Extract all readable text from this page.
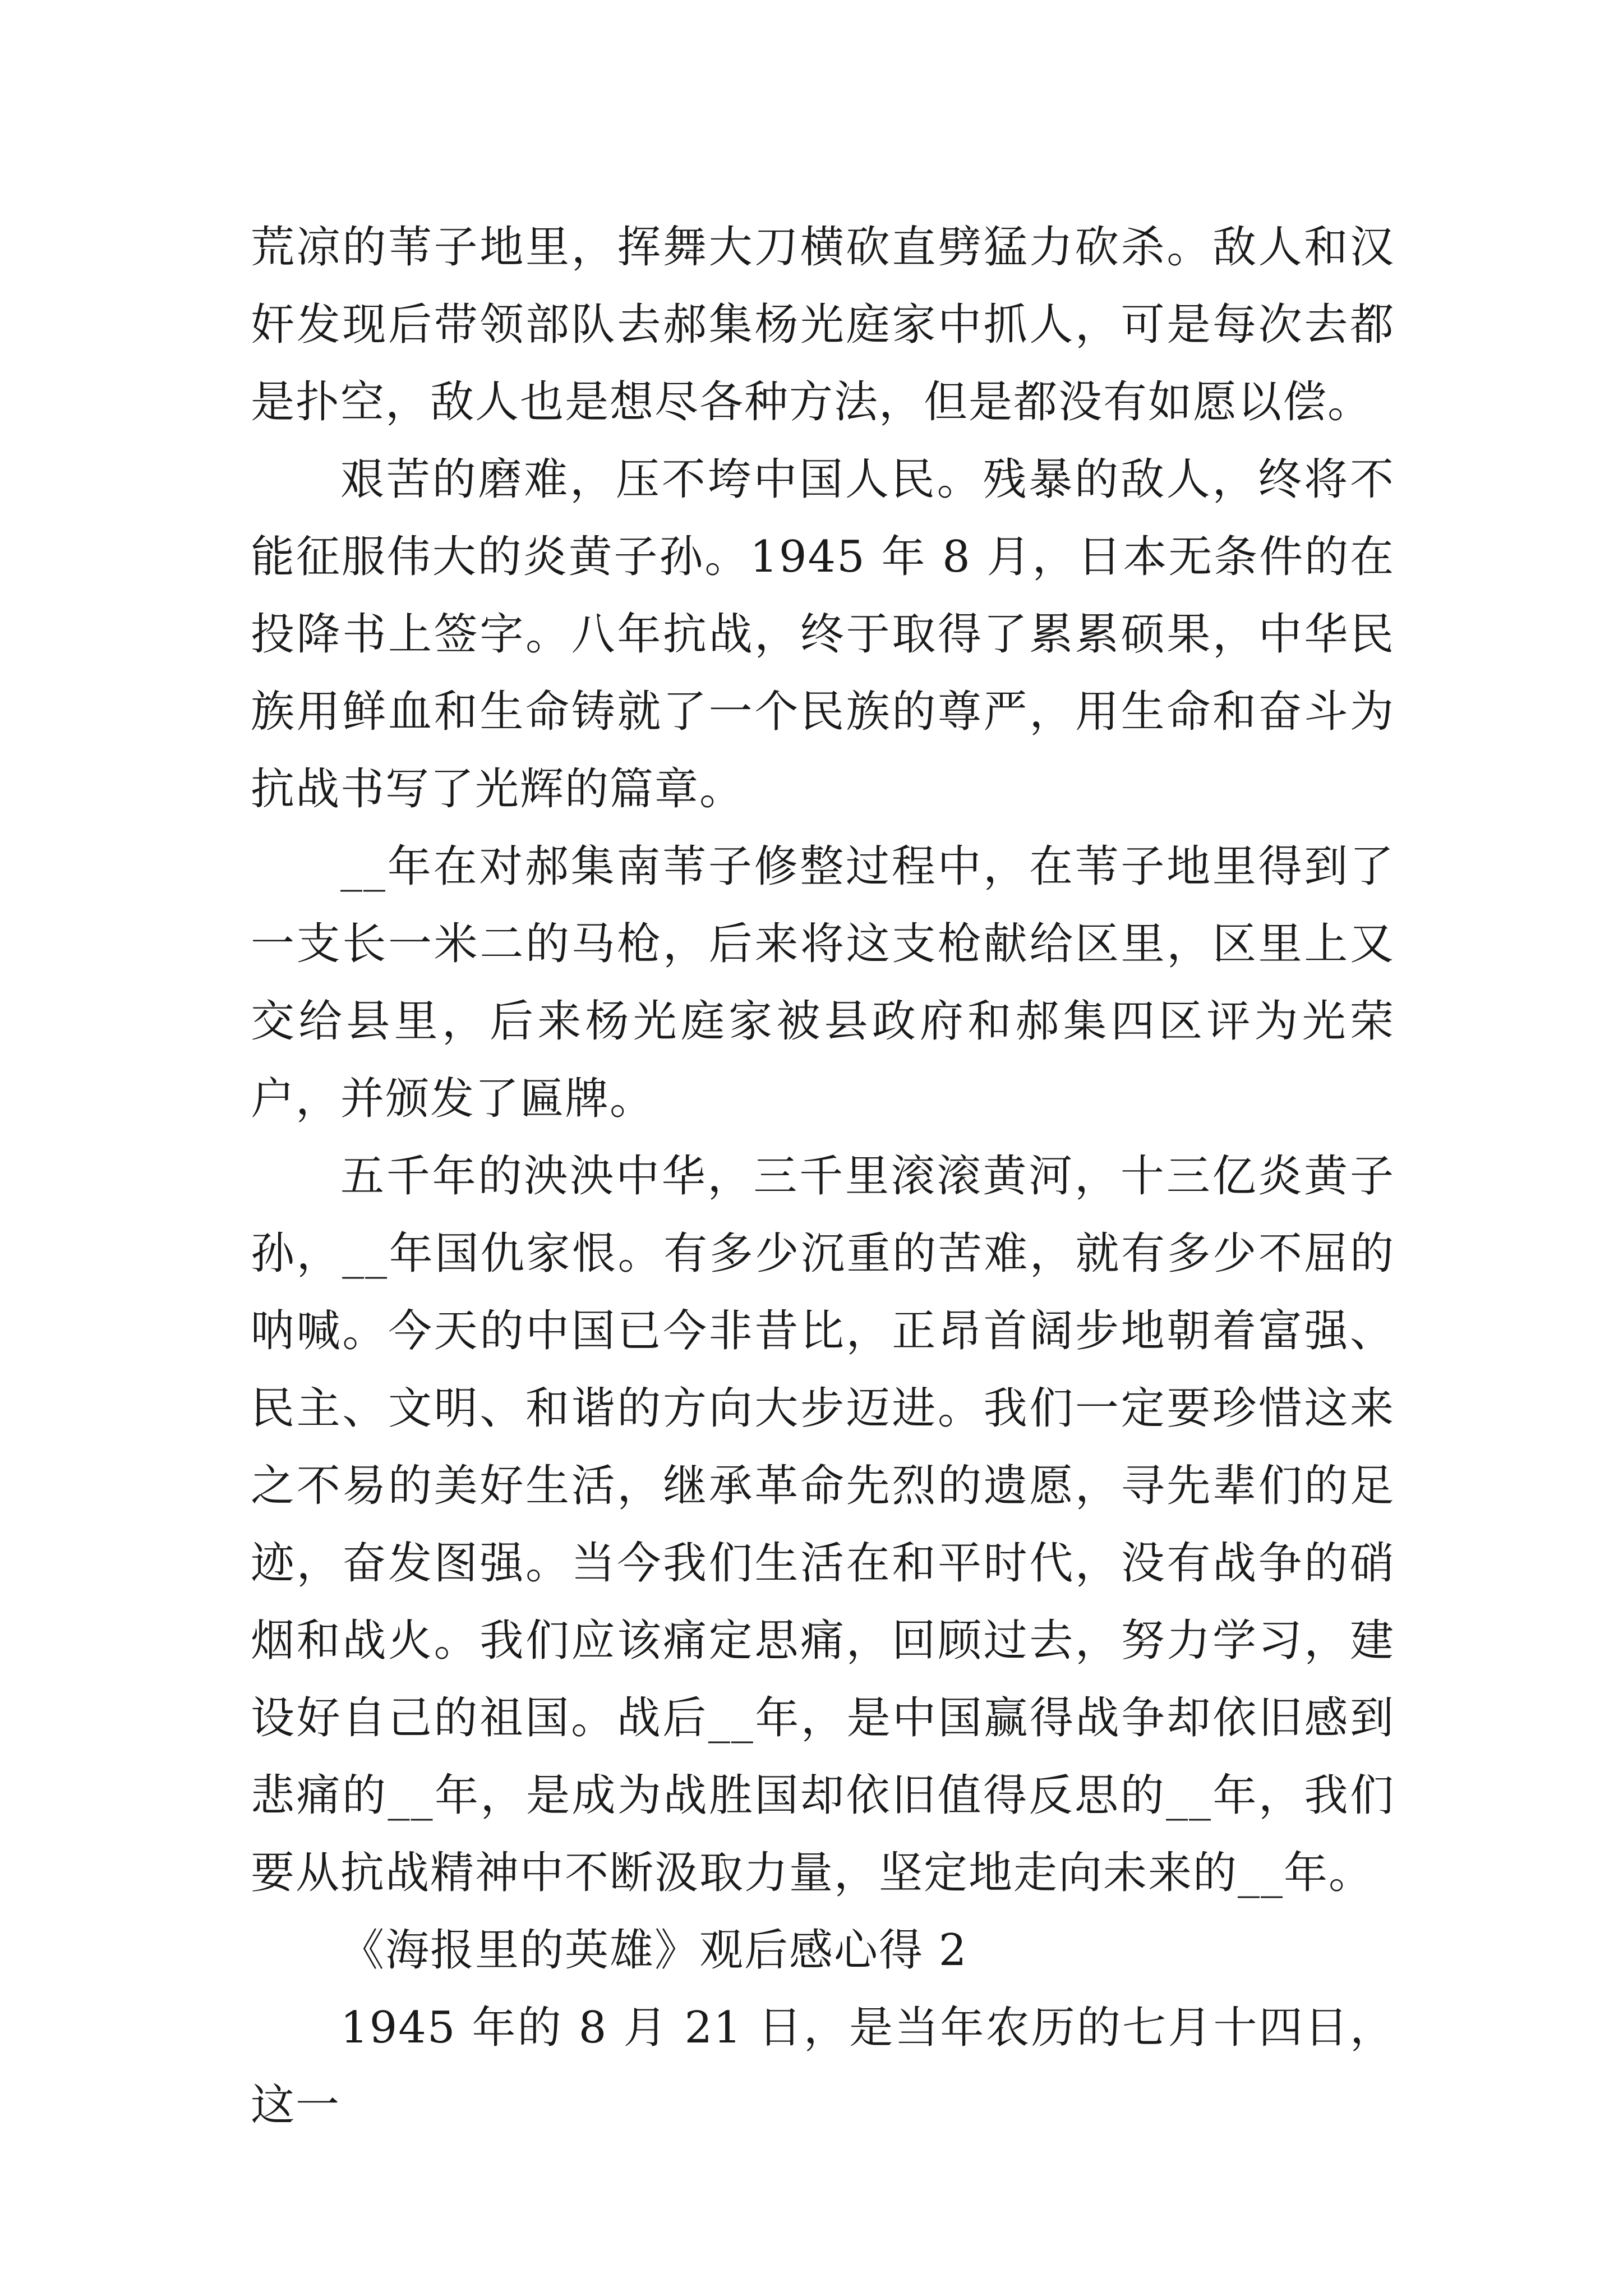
荒凉的苇子地里，挥舞大刀横砍直劈猛力砍杀。敌人和汉奸发现后带领部队去郝集杨光庭家中抓人，可是每次去都是扑空，敌人也是想尽各种方法，但是都没有如愿以偿。

艰苦的磨难，压不垮中国人民。残暴的敌人，终将不能征服伟大的炎黄子孙。1945 年 8 月，日本无条件的在投降书上签字。八年抗战，终于取得了累累硕果，中华民族用鲜血和生命铸就了一个民族的尊严，用生命和奋斗为抗战书写了光辉的篇章。

__年在对郝集南苇子修整过程中，在苇子地里得到了一支长一米二的马枪，后来将这支枪献给区里，区里上又交给县里，后来杨光庭家被县政府和郝集四区评为光荣户，并颁发了匾牌。

五千年的泱泱中华，三千里滚滚黄河，十三亿炎黄子孙，__年国仇家恨。有多少沉重的苦难，就有多少不屈的呐喊。今天的中国已今非昔比，正昂首阔步地朝着富强、民主、文明、和谐的方向大步迈进。我们一定要珍惜这来之不易的美好生活，继承革命先烈的遗愿，寻先辈们的足迹，奋发图强。当今我们生活在和平时代，没有战争的硝烟和战火。我们应该痛定思痛，回顾过去，努力学习，建设好自己的祖国。战后__年，是中国赢得战争却依旧感到悲痛的__年，是成为战胜国却依旧值得反思的__年，我们要从抗战精神中不断汲取力量，坚定地走向未来的__年。

《海报里的英雄》观后感心得 2

1945 年的 8 月 21 日，是当年农历的七月十四日，这一
